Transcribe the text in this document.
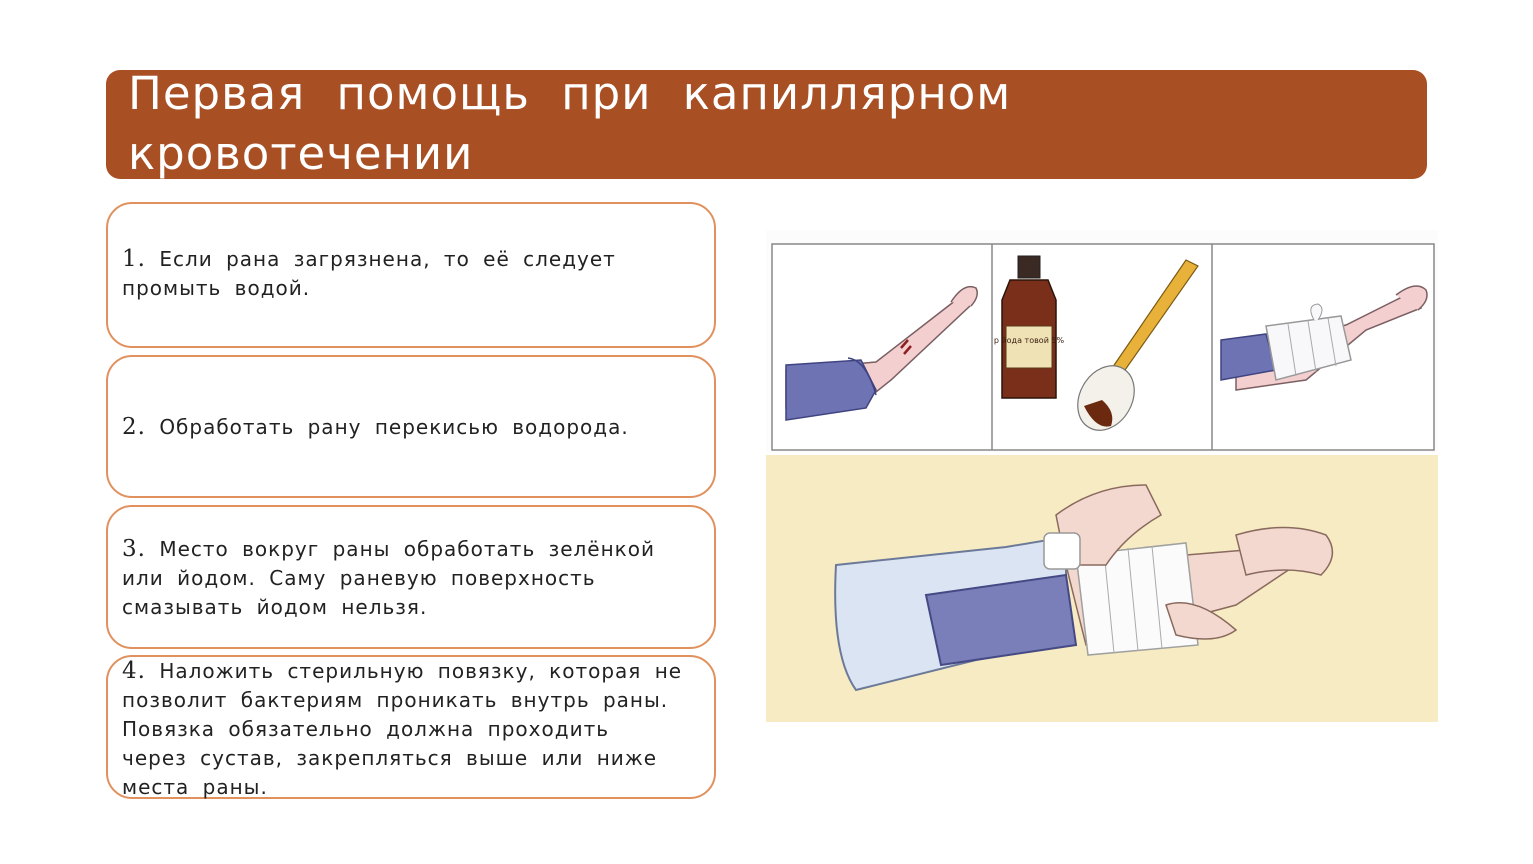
Первая помощь при капиллярном кровотечении
1. Если рана загрязнена, то её следует промыть водой.
2. Обработать рану перекисью водорода.
3. Место вокруг раны обработать зелёнкой или йодом. Саму раневую поверхность смазывать йодом нельзя.
4. Наложить стерильную повязку, которая не позволит бактериям проникать внутрь раны. Повязка обязательно должна проходить через сустав, закрепляться выше или ниже места раны.
р йода товой 5%
